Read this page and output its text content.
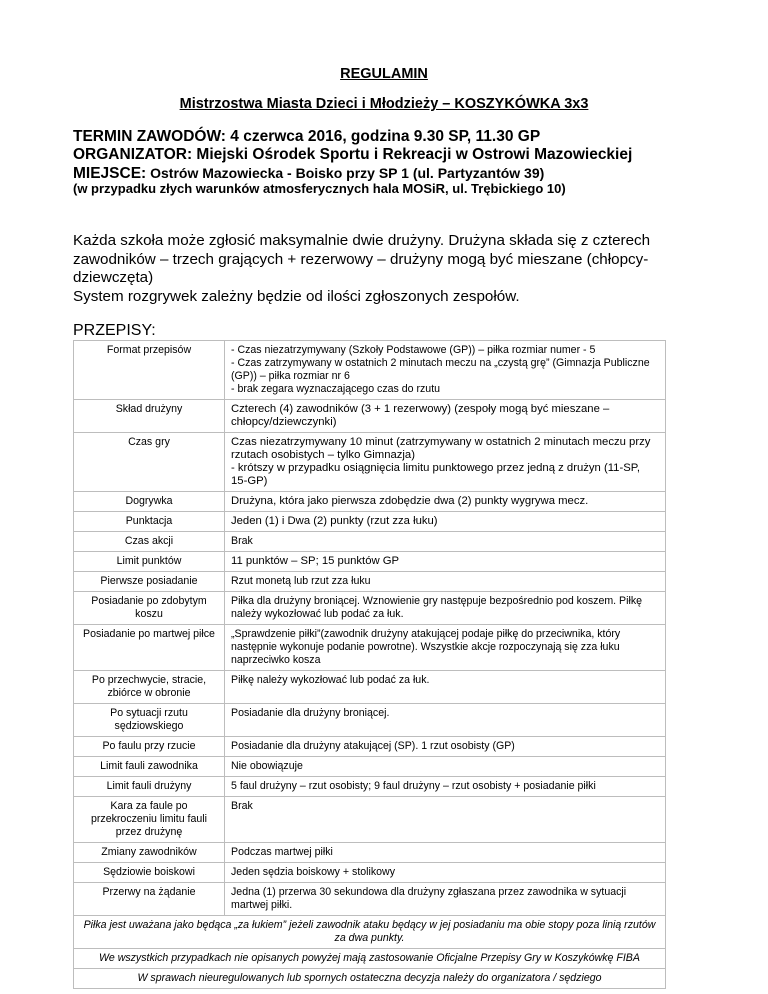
REGULAMIN
Mistrzostwa Miasta Dzieci i Młodzieży – KOSZYKÓWKA 3x3
TERMIN ZAWODÓW: 4 czerwca 2016, godzina 9.30 SP, 11.30 GP
ORGANIZATOR: Miejski Ośrodek Sportu i Rekreacji w Ostrowi Mazowieckiej
MIEJSCE: Ostrów Mazowiecka - Boisko przy SP 1 (ul. Partyzantów 39)
(w przypadku złych warunków atmosferycznych hala MOSiR, ul. Trębickiego 10)

Każda szkoła może zgłosić maksymalnie dwie drużyny. Drużyna składa się z czterech zawodników – trzech grających + rezerwowy – drużyny mogą być mieszane (chłopcy-dziewczęta)

System rozgrywek zależny będzie od ilości zgłoszonych zespołów.

PRZEPISY:
Format przepisów	- Czas niezatrzymywany (Szkoły Podstawowe (GP)) – piłka rozmiar numer - 5
- Czas zatrzymywany w ostatnich 2 minutach meczu na „czystą grę” (Gimnazja Publiczne (GP)) – piłka rozmiar nr 6
- brak zegara wyznaczającego czas do rzutu

Skład drużyny	Czterech (4) zawodników (3 + 1 rezerwowy) (zespoły mogą być mieszane – chłopcy/dziewczynki)

Czas gry	Czas niezatrzymywany 10 minut (zatrzymywany w ostatnich 2 minutach meczu przy rzutach osobistych – tylko Gimnazja)
- krótszy w przypadku osiągnięcia limitu punktowego przez jedną z drużyn (11-SP, 15-GP)

Dogrywka	Drużyna, która jako pierwsza zdobędzie dwa (2) punkty wygrywa mecz.

Punktacja	Jeden (1) i Dwa (2) punkty (rzut zza łuku)

Czas akcji	Brak

Limit punktów	11 punktów – SP; 15 punktów GP

Pierwsze posiadanie	Rzut monetą lub rzut zza łuku

Posiadanie po zdobytym koszu	Piłka dla drużyny broniącej. Wznowienie gry następuje bezpośrednio pod koszem. Piłkę należy wykozłować lub podać za łuk.

Posiadanie po martwej piłce	„Sprawdzenie piłki”(zawodnik drużyny atakującej podaje piłkę do przeciwnika, który następnie wykonuje podanie powrotne). Wszystkie akcje rozpoczynają się zza łuku naprzeciwko kosza

Po przechwycie, stracie, zbiórce w obronie	Piłkę należy wykozłować lub podać za łuk.

Po sytuacji rzutu sędziowskiego	Posiadanie dla drużyny broniącej.

Po faulu przy rzucie	Posiadanie dla drużyny atakującej (SP). 1 rzut osobisty (GP)

Limit fauli zawodnika	Nie obowiązuje

Limit fauli drużyny	5 faul drużyny – rzut osobisty; 9 faul drużyny – rzut osobisty + posiadanie piłki

Kara za faule po przekroczeniu limitu fauli przez drużynę	Brak

Zmiany zawodników	Podczas martwej piłki

Sędziowie boiskowi	Jeden sędzia boiskowy + stolikowy

Przerwy na żądanie	Jedna (1) przerwa 30 sekundowa dla drużyny zgłaszana przez zawodnika w sytuacji martwej piłki.

Piłka jest uważana jako będąca „za łukiem” jeżeli zawodnik ataku będący w jej posiadaniu ma obie stopy poza linią rzutów za dwa punkty.	
We wszystkich przypadkach nie opisanych powyżej mają zastosowanie Oficjalne Przepisy Gry w Koszykówkę FIBA	
W sprawach nieuregulowanych lub spornych ostateczna decyzja należy do organizatora / sędziego	
